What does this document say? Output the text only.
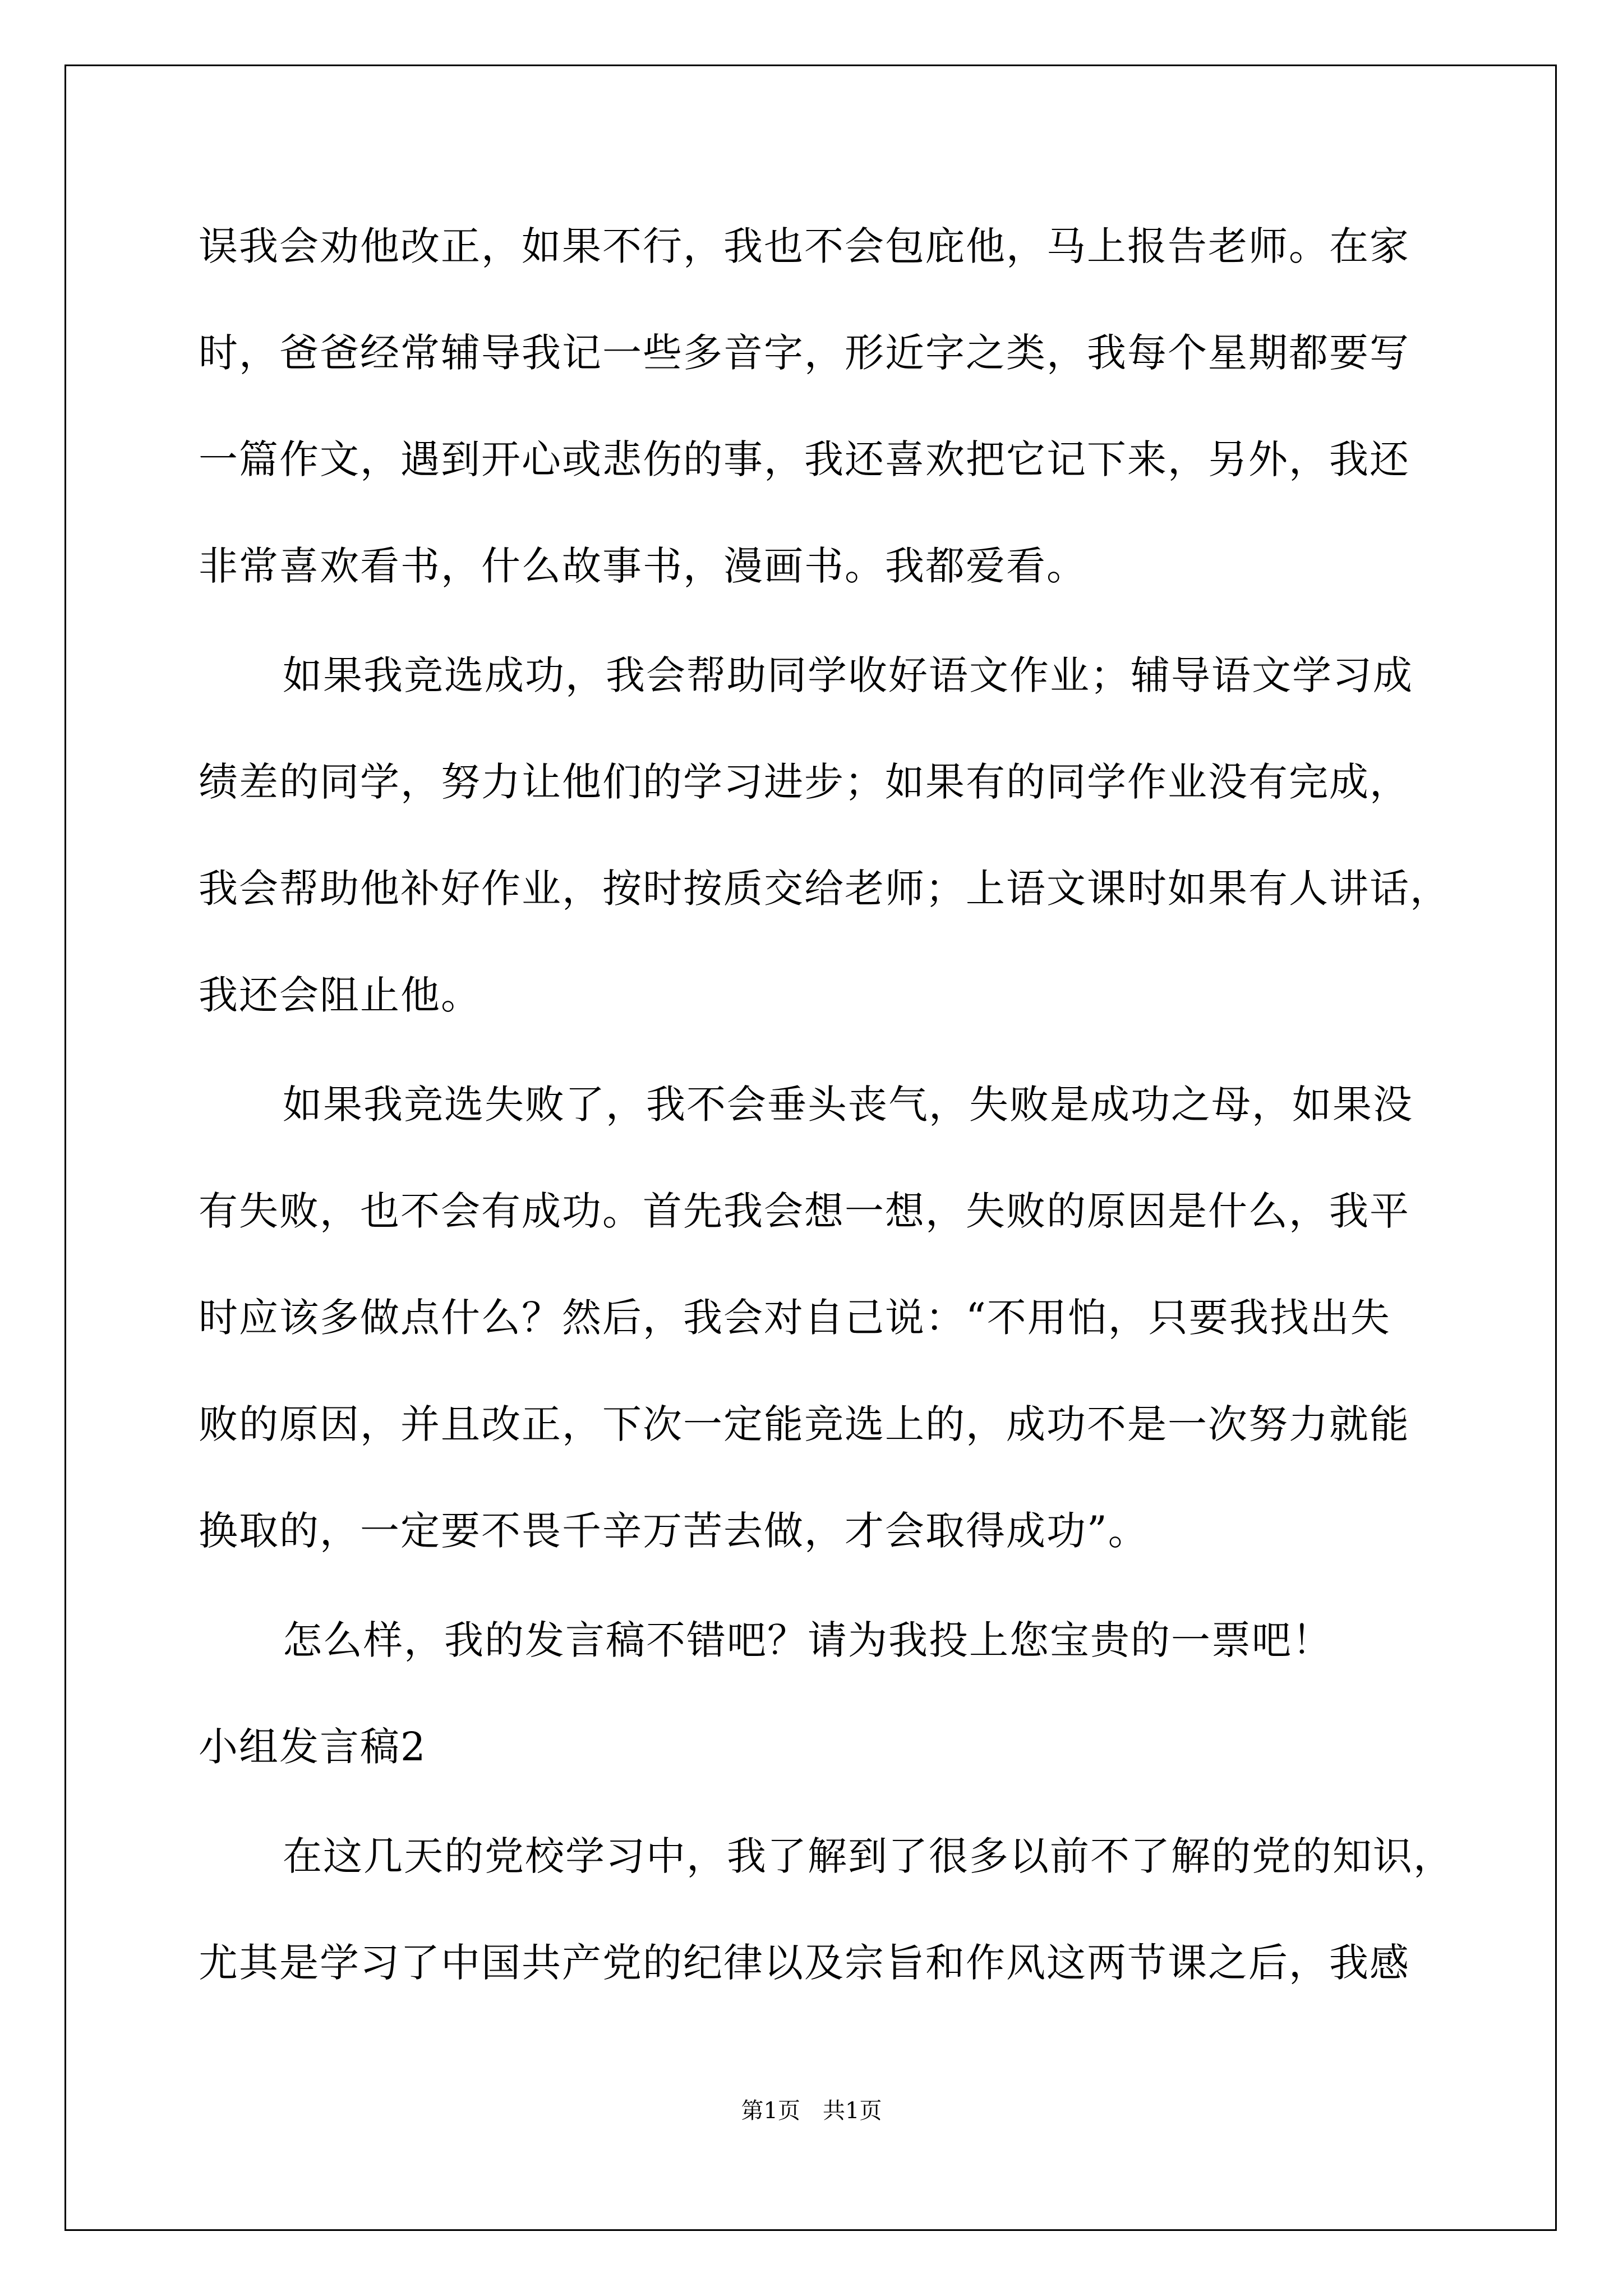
误我会劝他改正，如果不行，我也不会包庇他，马上报告老师。在家
时，爸爸经常辅导我记一些多音字，形近字之类，我每个星期都要写
一篇作文，遇到开心或悲伤的事，我还喜欢把它记下来，另外，我还
非常喜欢看书，什么故事书，漫画书。我都爱看。
如果我竞选成功，我会帮助同学收好语文作业；辅导语文学习成
绩差的同学，努力让他们的学习进步；如果有的同学作业没有完成，
我会帮助他补好作业，按时按质交给老师；上语文课时如果有人讲话，
我还会阻止他。
如果我竞选失败了，我不会垂头丧气，失败是成功之母，如果没
有失败，也不会有成功。首先我会想一想，失败的原因是什么，我平
时应该多做点什么？然后，我会对自己说：“不用怕，只要我找出失
败的原因，并且改正，下次一定能竞选上的，成功不是一次努力就能
换取的，一定要不畏千辛万苦去做，才会取得成功”。
怎么样，我的发言稿不错吧？请为我投上您宝贵的一票吧！
小组发言稿2
在这几天的党校学习中，我了解到了很多以前不了解的党的知识，
尤其是学习了中国共产党的纪律以及宗旨和作风这两节课之后，我感
第1页　共1页
